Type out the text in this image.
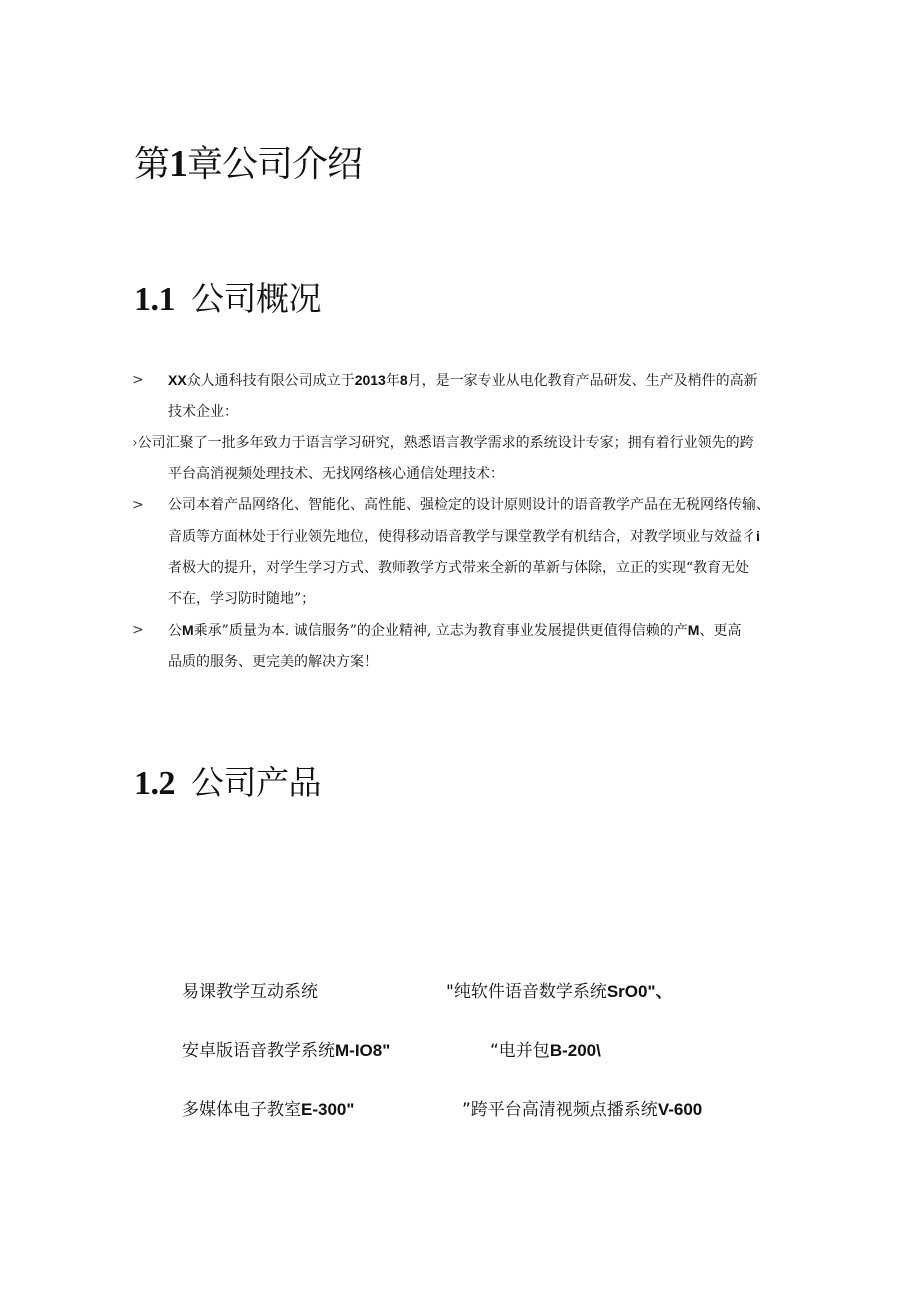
第1章公司介绍
1.1 公司概况
> XX众人通科技有限公司成立于2013年8月，是一家专业从电化教育产品研发、生产及梢件的高新
技术企业：
›公司汇聚了一批多年致力于语言学习研究，熟悉语言教学需求的系统设计专家；拥有着行业领先的跨
平台高消视频处理技术、无找网络核心通信处理技术：
> 公司本着产品网络化、智能化、高性能、强检定的设计原则设计的语音教学产品在无税网络传输、
音质等方面林处于行业领先地位，使得移动语音教学与课堂教学有机结合，对教学顷业与效益彳i
者极大的提升，对学生学习方式、教师教学方式带来全新的革新与体除，立正的实现“教育无处
不在，学习防时随地”；
> 公M乘承”质量为本. 诚信服务”的企业精神, 立志为教育事业发展提供更值得信赖的产M、更高
品质的服务、更完美的解决方案！
1.2 公司产品
易课教学互动系统	"纯软件语音数学系统SrO0"、
安卓版语音教学系统M-IO8"	“电并包B-200\
多媒体电子教室E-300"	”跨平台高清视频点播系统V-600
